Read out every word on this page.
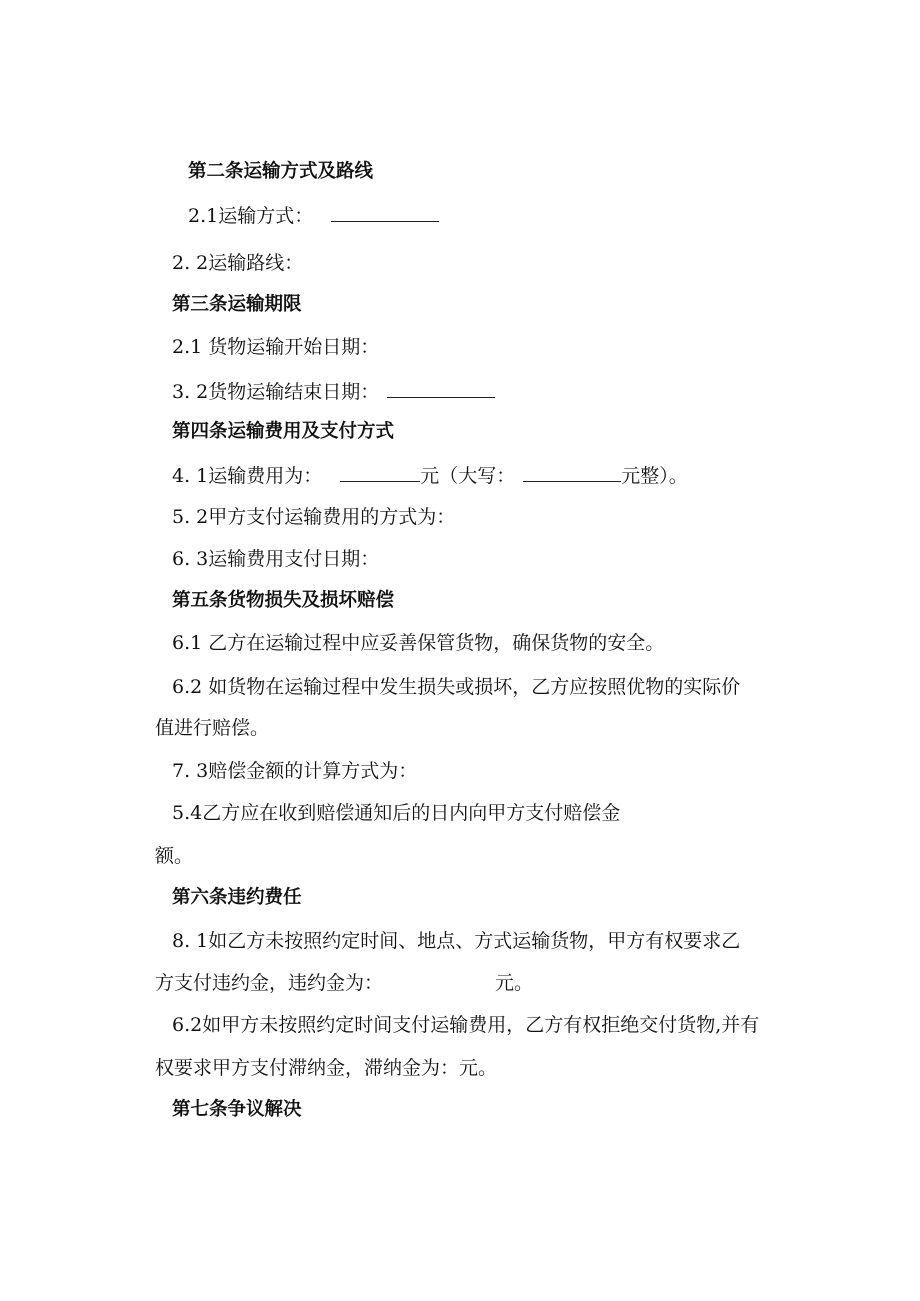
第二条运输方式及路线
2.1运输方式：
2. 2运输路线：
第三条运输期限
2.1 货物运输开始日期：
3. 2货物运输结束日期：
第四条运输费用及支付方式
4. 1运输费用为：	元（大写：	元整）。
5. 2甲方支付运输费用的方式为：
6. 3运输费用支付日期：
第五条货物损失及损坏赔偿
6.1 乙方在运输过程中应妥善保管货物，确保货物的安全。
6.2 如货物在运输过程中发生损失或损坏，乙方应按照优物的实际价
值进行赔偿。
7. 3赔偿金额的计算方式为：
5.4乙方应在收到赔偿通知后的日内向甲方支付赔偿金
额。
第六条违约费任
8. 1如乙方未按照约定时间、地点、方式运输货物，甲方有权要求乙
方支付违约金，违约金为：	元。
6.2如甲方未按照约定时间支付运输费用，乙方有权拒绝交付货物,并有
权要求甲方支付滞纳金，滞纳金为：元。
第七条争议解决
